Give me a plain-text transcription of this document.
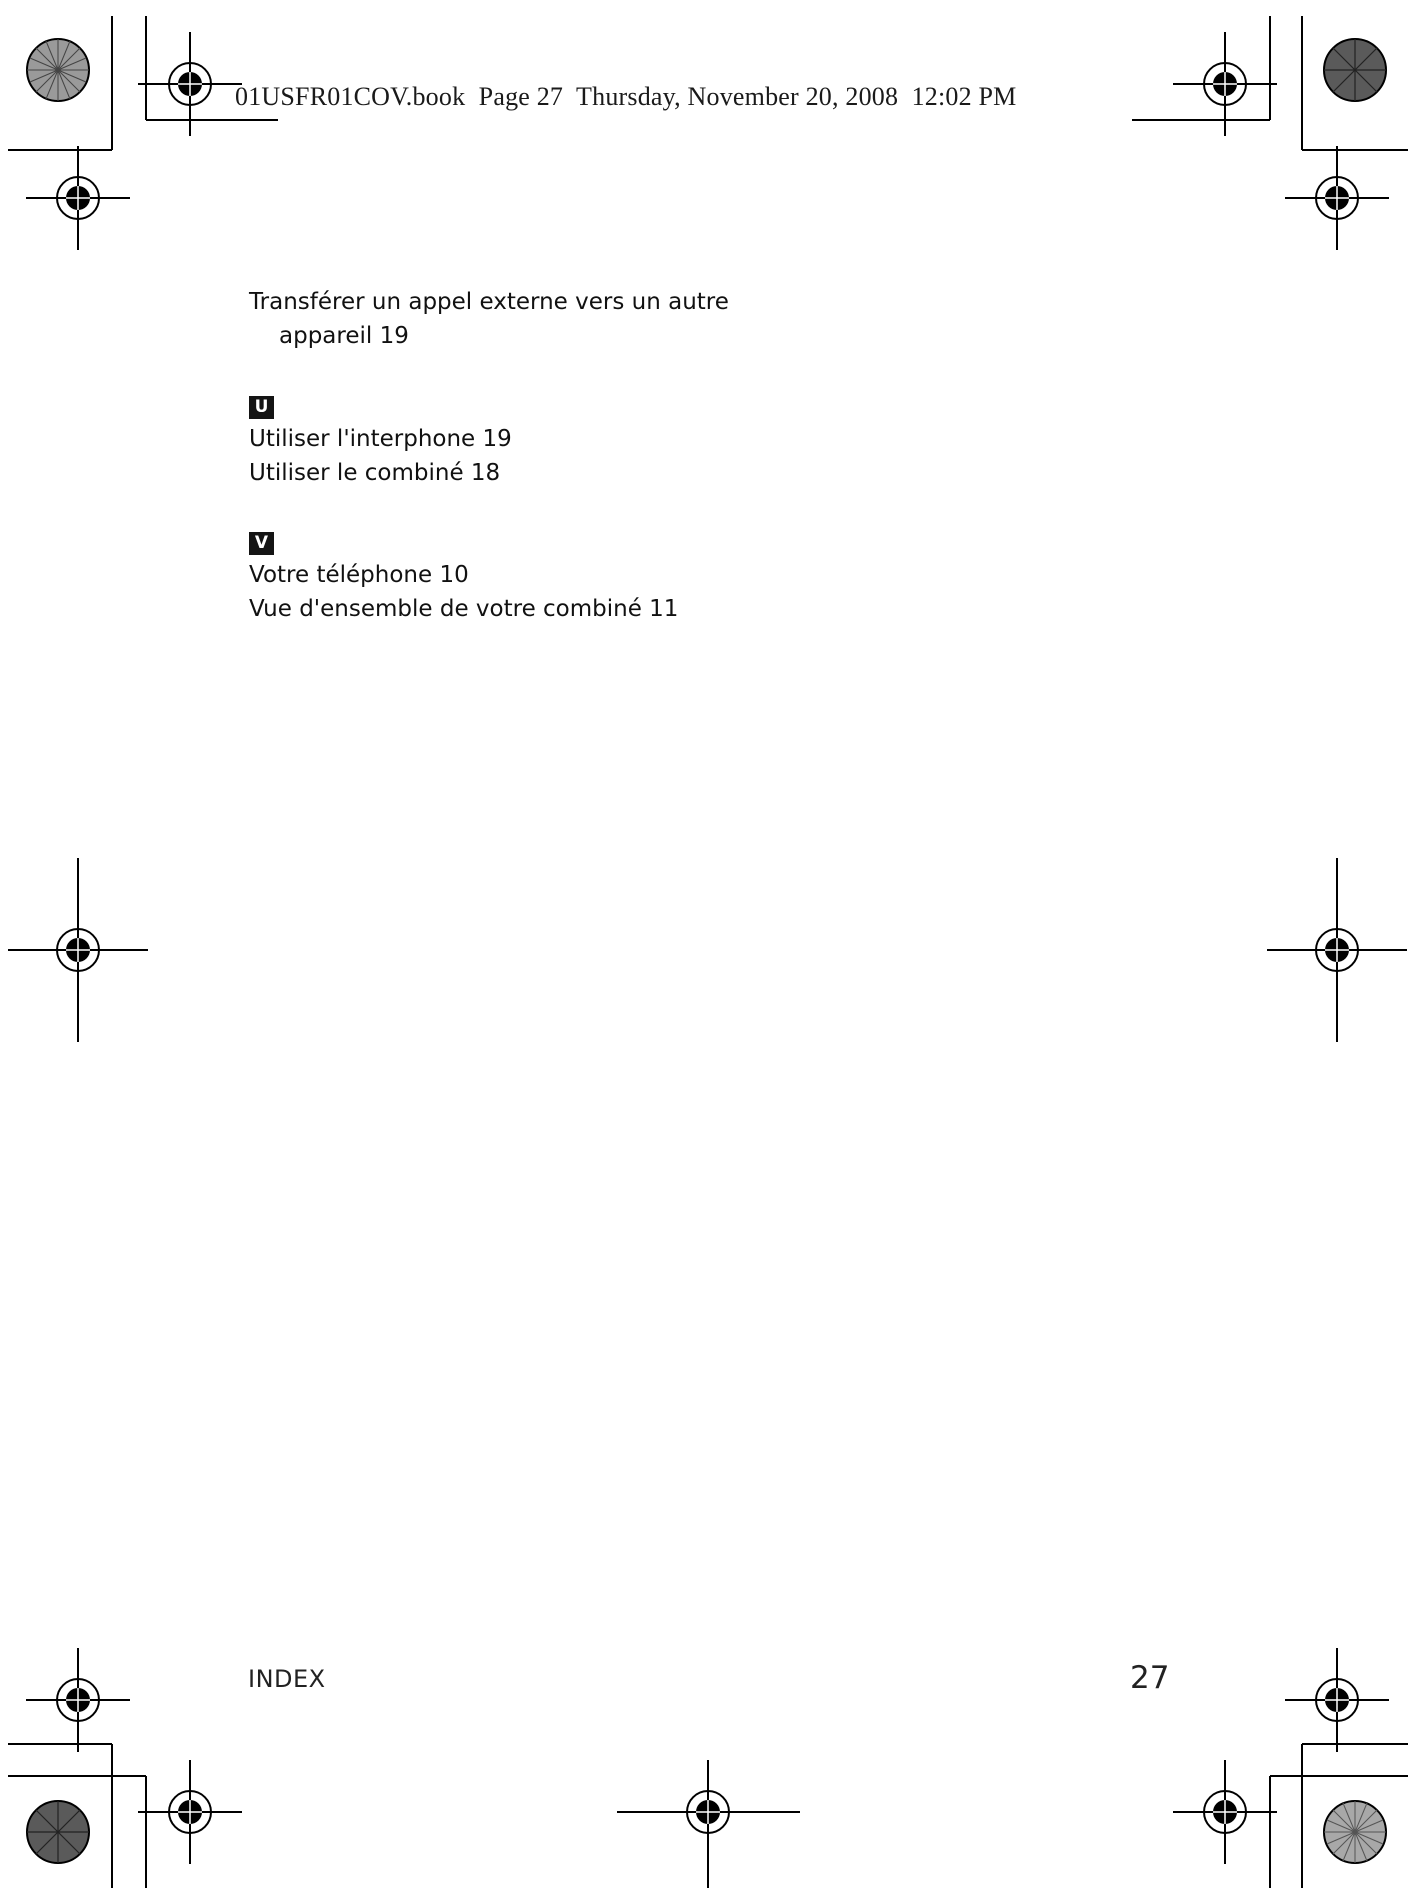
01USFR01COV.book  Page 27  Thursday, November 20, 2008  12:02 PM
Transférer un appel externe vers un autre
appareil 19
U
Utiliser l'interphone 19
Utiliser le combiné 18
V
Votre téléphone 10
Vue d'ensemble de votre combiné 11
INDEX	27
